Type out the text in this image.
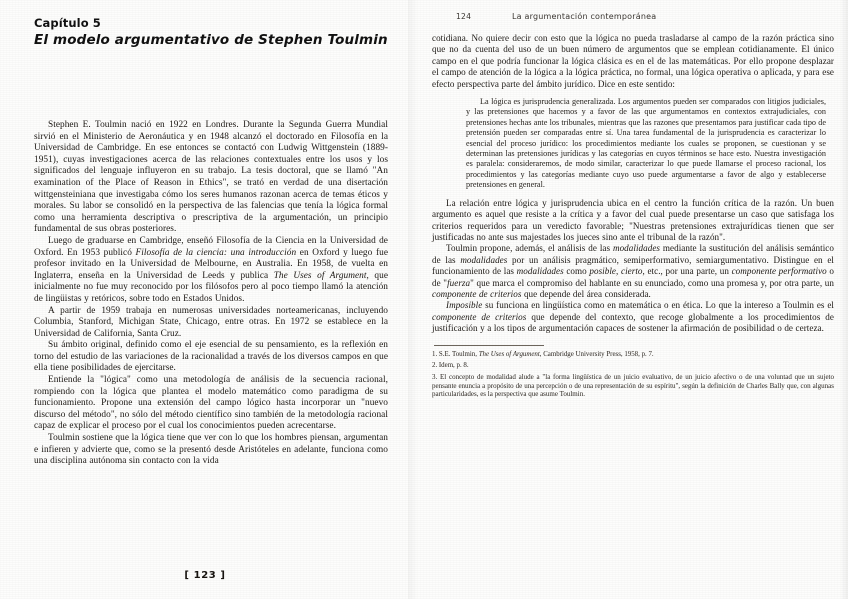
Capítulo 5
El modelo argumentativo de Stephen Toulmin

Stephen E. Toulmin nació en 1922 en Londres. Durante la Segunda Guerra Mundial sirvió en el Ministerio de Aeronáutica y en 1948 alcanzó el doctorado en Filosofía en la Universidad de Cambridge. En ese entonces se contactó con Ludwig Wittgenstein (1889-1951), cuyas investigaciones acerca de las relaciones contextuales entre los usos y los significados del lenguaje influyeron en su trabajo. La tesis doctoral, que se llamó "An examination of the Place of Reason in Ethics", se trató en verdad de una disertación wittgensteiniana que investigaba cómo los seres humanos razonan acerca de temas éticos y morales. Su labor se consolidó en la perspectiva de las falencias que tenía la lógica formal como una herramienta descriptiva o prescriptiva de la argumentación, un principio fundamental de sus obras posteriores.

Luego de graduarse en Cambridge, enseñó Filosofía de la Ciencia en la Universidad de Oxford. En 1953 publicó Filosofía de la ciencia: una introducción en Oxford y luego fue profesor invitado en la Universidad de Melbourne, en Australia. En 1958, de vuelta en Inglaterra, enseña en la Universidad de Leeds y publica The Uses of Argument, que inicialmente no fue muy reconocido por los filósofos pero al poco tiempo llamó la atención de lingüistas y retóricos, sobre todo en Estados Unidos.

A partir de 1959 trabaja en numerosas universidades norteamericanas, incluyendo Columbia, Stanford, Michigan State, Chicago, entre otras. En 1972 se establece en la Universidad de California, Santa Cruz.

Su ámbito original, definido como el eje esencial de su pensamiento, es la reflexión en torno del estudio de las variaciones de la racionalidad a través de los diversos campos en que ella tiene posibilidades de ejercitarse.

Entiende la "lógica" como una metodología de análisis de la secuencia racional, rompiendo con la lógica que plantea el modelo matemático como paradigma de su funcionamiento. Propone una extensión del campo lógico hasta incorporar un "nuevo discurso del método", no sólo del método científico sino también de la metodología racional capaz de explicar el proceso por el cual los conocimientos pueden acrecentarse.

Toulmin sostiene que la lógica tiene que ver con lo que los hombres piensan, argumentan e infieren y advierte que, como se la presentó desde Aristóteles en adelante, funciona como una disciplina autónoma sin contacto con la vida

[ 123 ]
124	La argumentación contemporánea

cotidiana. No quiere decir con esto que la lógica no pueda trasladarse al campo de la razón práctica sino que no da cuenta del uso de un buen número de argumentos que se emplean cotidianamente. El único campo en el que podría funcionar la lógica clásica es en el de las matemáticas. Por ello propone desplazar el campo de atención de la lógica a la lógica práctica, no formal, una lógica operativa o aplicada, y para ese efecto perspectiva parte del ámbito jurídico. Dice en este sentido:

La lógica es jurisprudencia generalizada. Los argumentos pueden ser comparados con litigios judiciales, y las pretensiones que hacemos y a favor de las que argumentamos en contextos extrajudiciales, con pretensiones hechas ante los tribunales, mientras que las razones que presentamos para justificar cada tipo de pretensión pueden ser comparadas entre sí. Una tarea fundamental de la jurisprudencia es caracterizar lo esencial del proceso jurídico: los procedimientos mediante los cuales se proponen, se cuestionan y se determinan las pretensiones jurídicas y las categorías en cuyos términos se hace esto. Nuestra investigación es paralela: consideraremos, de modo similar, caracterizar lo que puede llamarse el proceso racional, los procedimientos y las categorías mediante cuyo uso puede argumentarse a favor de algo y establecerse pretensiones en general.

La relación entre lógica y jurisprudencia ubica en el centro la función crítica de la razón. Un buen argumento es aquel que resiste a la crítica y a favor del cual puede presentarse un caso que satisfaga los criterios requeridos para un veredicto favorable; "Nuestras pretensiones extrajurídicas tienen que ser justificadas no ante sus majestades los jueces sino ante el tribunal de la razón".

Toulmin propone, además, el análisis de las modalidades mediante la sustitución del análisis semántico de las modalidades por un análisis pragmático, semiperformativo, semiargumentativo. Distingue en el funcionamiento de las modalidades como posible, cierto, etc., por una parte, un componente performativo o de "fuerza" que marca el compromiso del hablante en su enunciado, como una promesa y, por otra parte, un componente de criterios que depende del área considerada.

Imposible su funciona en lingüística como en matemática o en ética. Lo que la intereso a Toulmin es el componente de criterios que depende del contexto, que recoge globalmente a los procedimientos de justificación y a los tipos de argumentación capaces de sostener la afirmación de posibilidad o de certeza.

1. S.E. Toulmin, The Uses of Argument, Cambridge University Press, 1958, p. 7.

2. Idem, p. 8.

3. El concepto de modalidad alude a "la forma lingüística de un juicio evaluativo, de un juicio afectivo o de una voluntad que un sujeto pensante enuncia a propósito de una percepción o de una representación de su espíritu", según la definición de Charles Bally que, con algunas particularidades, es la perspectiva que asume Toulmin.
